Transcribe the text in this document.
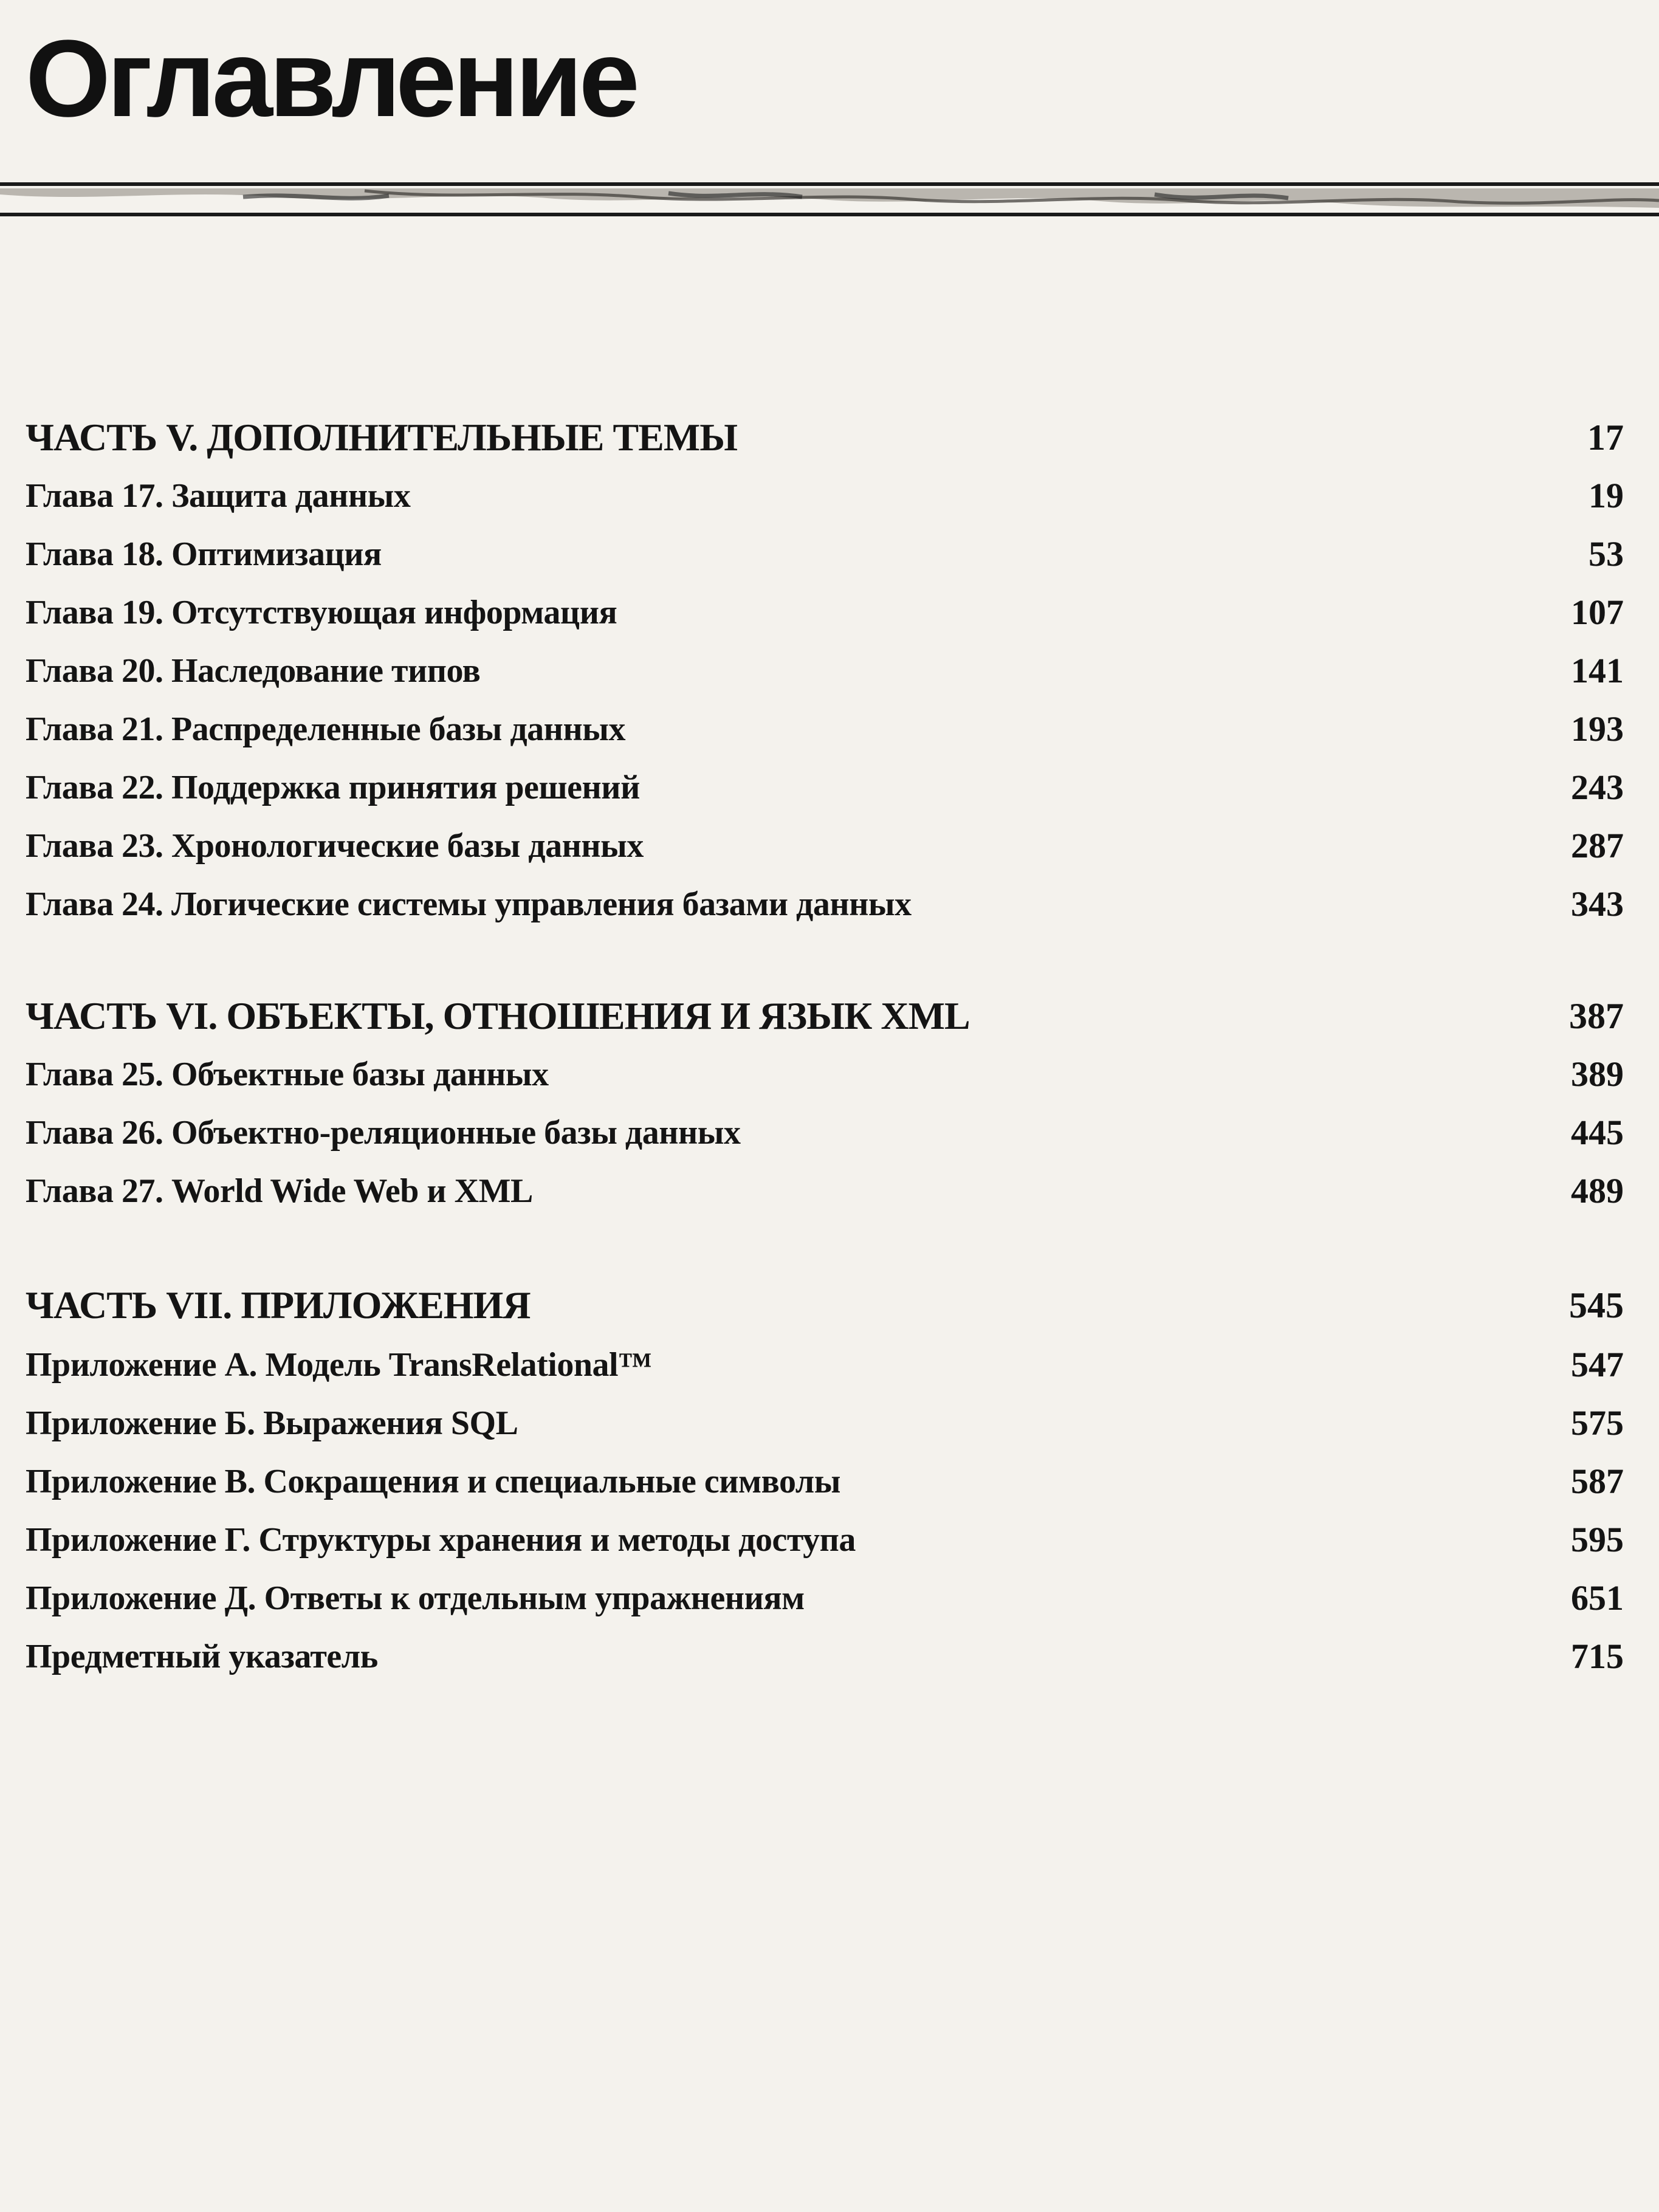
Оглавление
ЧАСТЬ V. ДОПОЛНИТЕЛЬНЫЕ ТЕМЫ	17
Глава 17. Защита данных	19
Глава 18. Оптимизация	53
Глава 19. Отсутствующая информация	107
Глава 20. Наследование типов	141
Глава 21. Распределенные базы данных	193
Глава 22. Поддержка принятия решений	243
Глава 23. Хронологические базы данных	287
Глава 24. Логические системы управления базами данных	343
ЧАСТЬ VI. ОБЪЕКТЫ, ОТНОШЕНИЯ И ЯЗЫК XML	387
Глава 25. Объектные базы данных	389
Глава 26. Объектно-реляционные базы данных	445
Глава 27. World Wide Web и XML	489
ЧАСТЬ VII. ПРИЛОЖЕНИЯ	545
Приложение А. Модель TransRelational™	547
Приложение Б. Выражения SQL	575
Приложение В. Сокращения и специальные символы	587
Приложение Г. Структуры хранения и методы доступа	595
Приложение Д. Ответы к отдельным упражнениям	651
Предметный указатель	715
